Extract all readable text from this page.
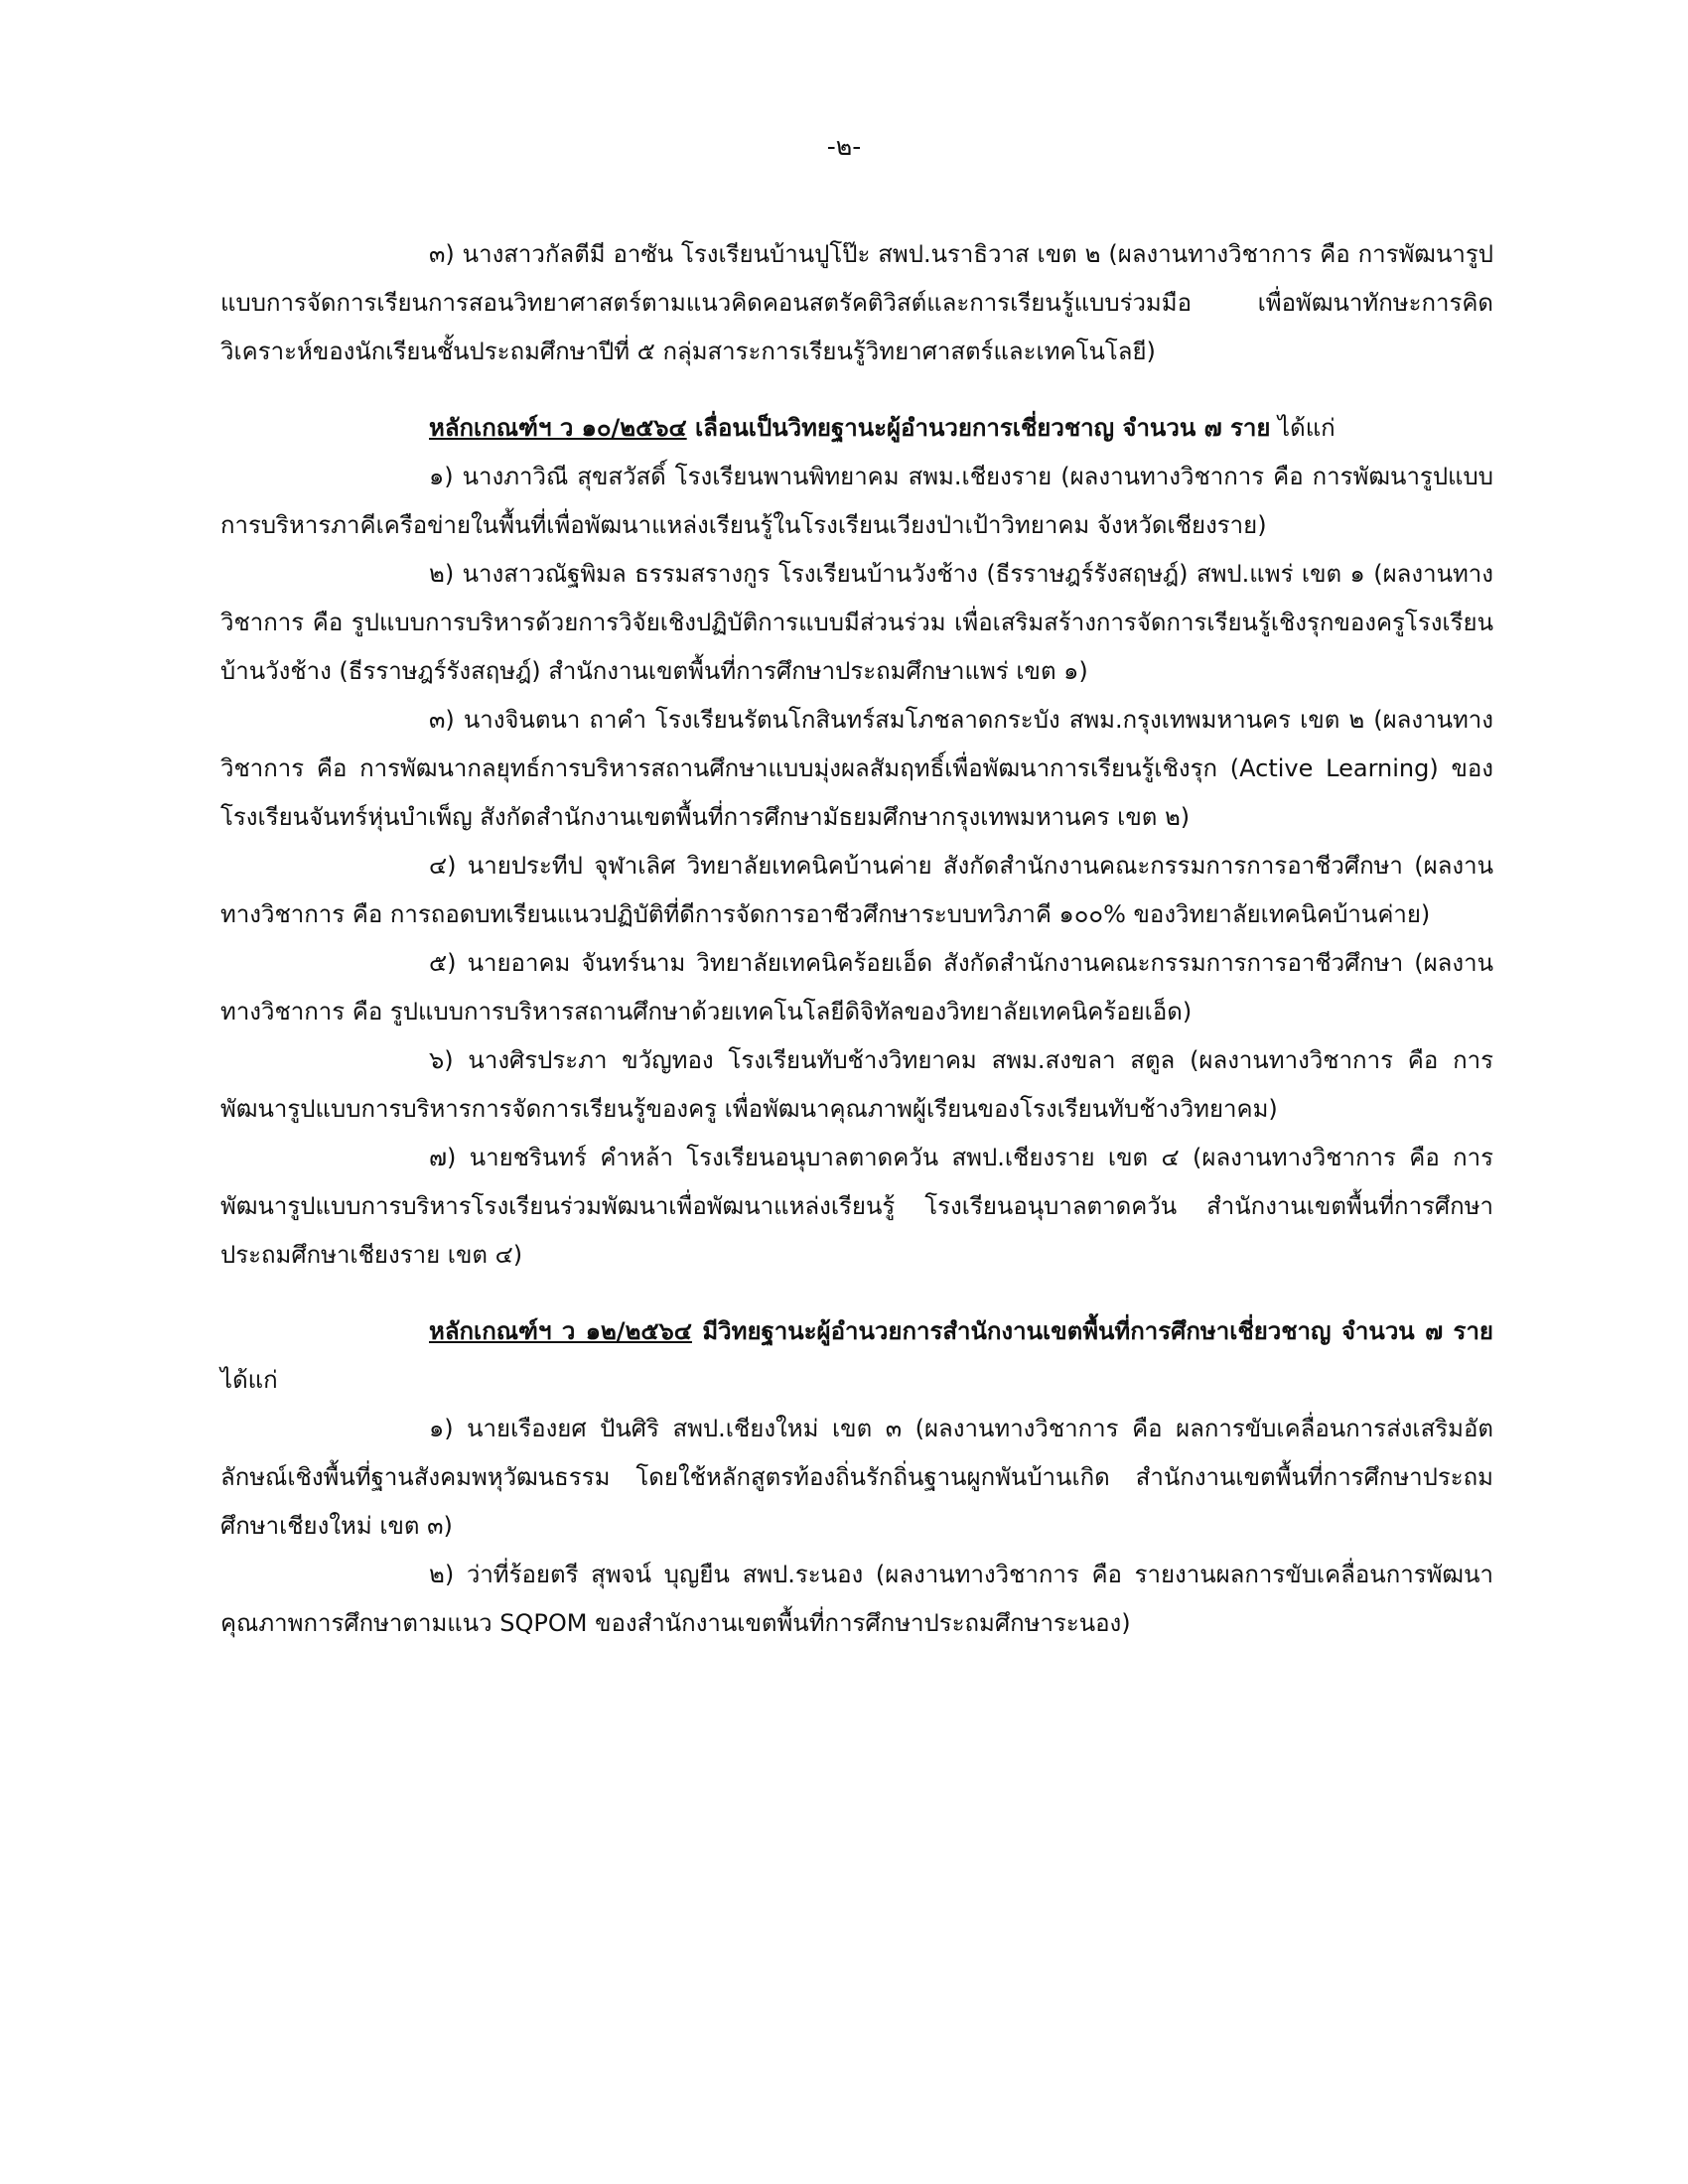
-๒-

๓) นางสาวกัลตีมี อาซัน โรงเรียนบ้านปูโป๊ะ สพป.นราธิวาส เขต ๒ (ผลงานทางวิชาการ คือ การพัฒนารูปแบบการจัดการเรียนการสอนวิทยาศาสตร์ตามแนวคิดคอนสตรัคติวิสต์และการเรียนรู้แบบร่วมมือ เพื่อพัฒนาทักษะการคิดวิเคราะห์ของนักเรียนชั้นประถมศึกษาปีที่ ๕ กลุ่มสาระการเรียนรู้วิทยาศาสตร์และเทคโนโลยี)

หลักเกณฑ์ฯ ว ๑๐/๒๕๖๔ เลื่อนเป็นวิทยฐานะผู้อำนวยการเชี่ยวชาญ จำนวน ๗ ราย ได้แก่

๑) นางภาวิณี สุขสวัสดิ์ โรงเรียนพานพิทยาคม สพม.เชียงราย (ผลงานทางวิชาการ คือ การพัฒนารูปแบบการบริหารภาคีเครือข่ายในพื้นที่เพื่อพัฒนาแหล่งเรียนรู้ในโรงเรียนเวียงป่าเป้าวิทยาคม จังหวัดเชียงราย)

๒) นางสาวณัฐพิมล ธรรมสรางกูร โรงเรียนบ้านวังช้าง (ธีรราษฎร์รังสฤษฎ์) สพป.แพร่ เขต ๑ (ผลงานทางวิชาการ คือ รูปแบบการบริหารด้วยการวิจัยเชิงปฏิบัติการแบบมีส่วนร่วม เพื่อเสริมสร้างการจัดการเรียนรู้เชิงรุกของครูโรงเรียนบ้านวังช้าง (ธีรราษฎร์รังสฤษฎ์) สำนักงานเขตพื้นที่การศึกษาประถมศึกษาแพร่ เขต ๑)

๓) นางจินตนา ถาคำ โรงเรียนรัตนโกสินทร์สมโภชลาดกระบัง สพม.กรุงเทพมหานคร เขต ๒ (ผลงานทางวิชาการ คือ การพัฒนากลยุทธ์การบริหารสถานศึกษาแบบมุ่งผลสัมฤทธิ์เพื่อพัฒนาการเรียนรู้เชิงรุก (Active Learning) ของโรงเรียนจันทร์หุ่นบำเพ็ญ สังกัดสำนักงานเขตพื้นที่การศึกษามัธยมศึกษากรุงเทพมหานคร เขต ๒)

๔) นายประทีป จุฬาเลิศ วิทยาลัยเทคนิคบ้านค่าย สังกัดสำนักงานคณะกรรมการการอาชีวศึกษา (ผลงานทางวิชาการ คือ การถอดบทเรียนแนวปฏิบัติที่ดีการจัดการอาชีวศึกษาระบบทวิภาคี ๑๐๐% ของวิทยาลัยเทคนิคบ้านค่าย)

๕) นายอาคม จันทร์นาม วิทยาลัยเทคนิคร้อยเอ็ด สังกัดสำนักงานคณะกรรมการการอาชีวศึกษา (ผลงานทางวิชาการ คือ รูปแบบการบริหารสถานศึกษาด้วยเทคโนโลยีดิจิทัลของวิทยาลัยเทคนิคร้อยเอ็ด)

๖) นางศิรประภา ขวัญทอง โรงเรียนทับช้างวิทยาคม สพม.สงขลา สตูล (ผลงานทางวิชาการ คือ การพัฒนารูปแบบการบริหารการจัดการเรียนรู้ของครู เพื่อพัฒนาคุณภาพผู้เรียนของโรงเรียนทับช้างวิทยาคม)

๗) นายชรินทร์ คำหล้า โรงเรียนอนุบาลตาดควัน สพป.เชียงราย เขต ๔ (ผลงานทางวิชาการ คือ การพัฒนารูปแบบการบริหารโรงเรียนร่วมพัฒนาเพื่อพัฒนาแหล่งเรียนรู้ โรงเรียนอนุบาลตาดควัน สำนักงานเขตพื้นที่การศึกษาประถมศึกษาเชียงราย เขต ๔)

หลักเกณฑ์ฯ ว ๑๒/๒๕๖๔ มีวิทยฐานะผู้อำนวยการสำนักงานเขตพื้นที่การศึกษาเชี่ยวชาญ จำนวน ๗ ราย ได้แก่

๑) นายเรืองยศ ปันศิริ สพป.เชียงใหม่ เขต ๓ (ผลงานทางวิชาการ คือ ผลการขับเคลื่อนการส่งเสริมอัตลักษณ์เชิงพื้นที่ฐานสังคมพหุวัฒนธรรม โดยใช้หลักสูตรท้องถิ่นรักถิ่นฐานผูกพันบ้านเกิด สำนักงานเขตพื้นที่การศึกษาประถมศึกษาเชียงใหม่ เขต ๓)

๒) ว่าที่ร้อยตรี สุพจน์ บุญยืน สพป.ระนอง (ผลงานทางวิชาการ คือ รายงานผลการขับเคลื่อนการพัฒนาคุณภาพการศึกษาตามแนว SQPOM ของสำนักงานเขตพื้นที่การศึกษาประถมศึกษาระนอง)
